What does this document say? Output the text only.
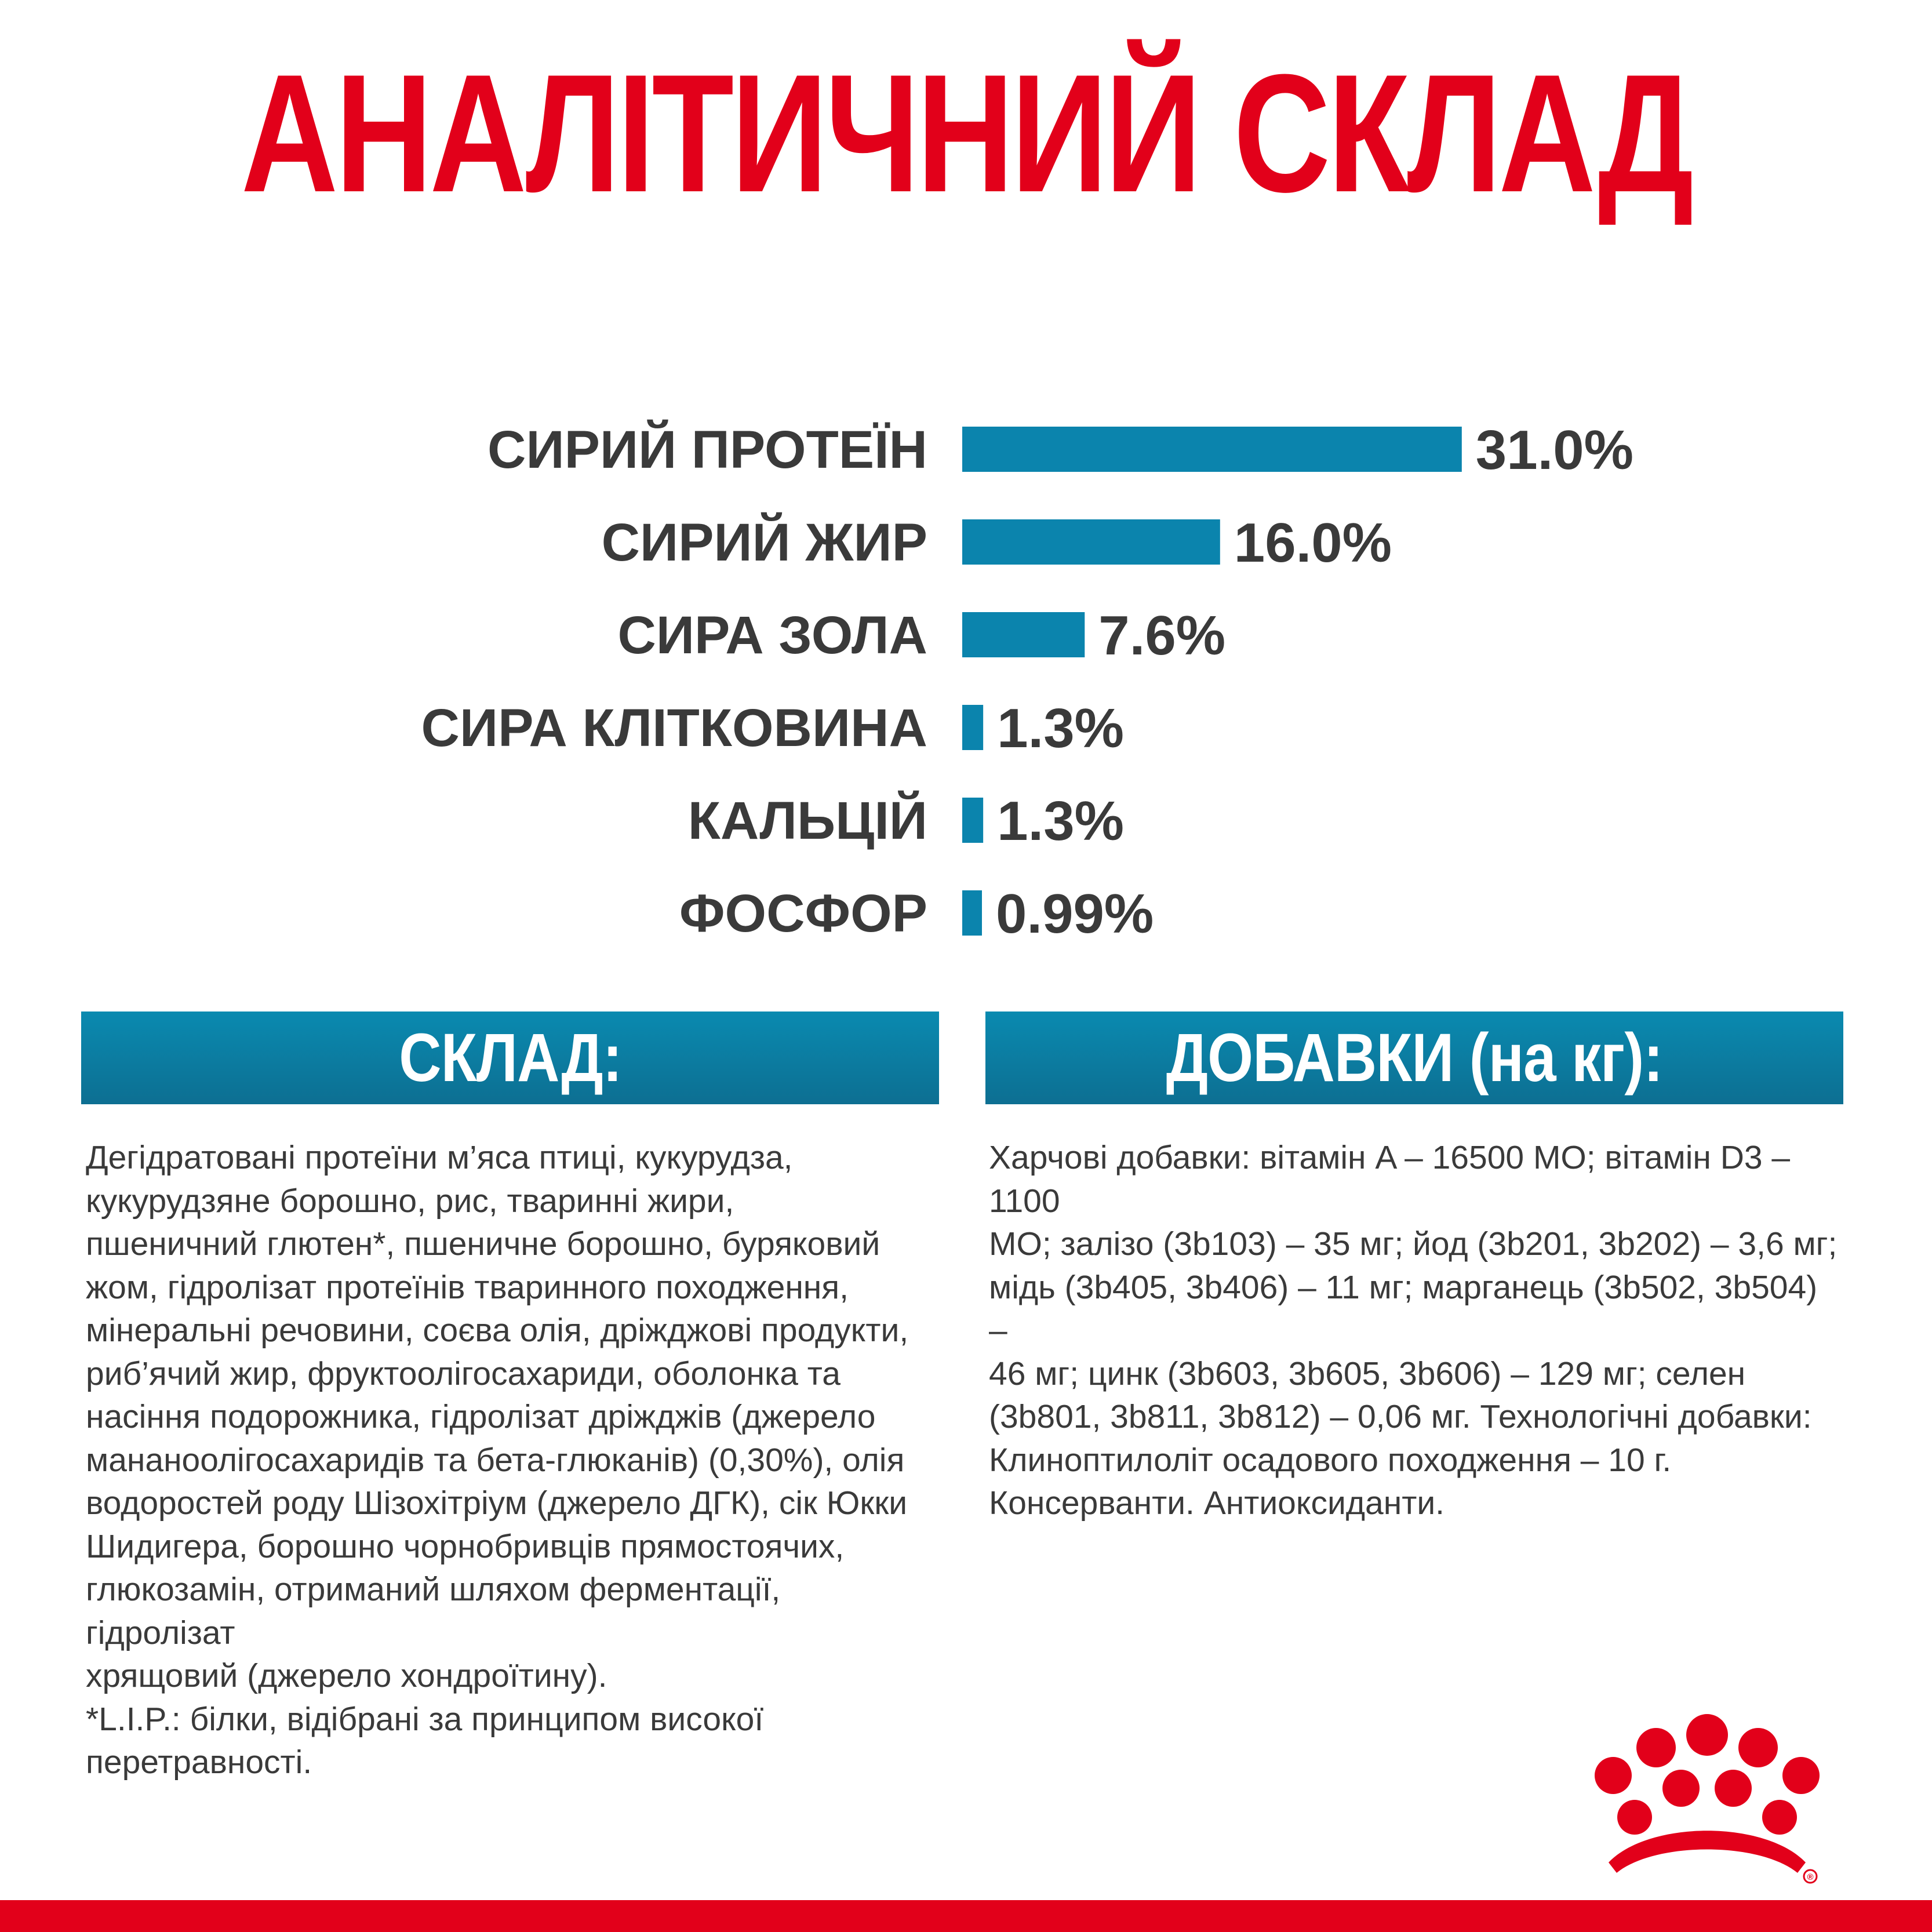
АНАЛІТИЧНИЙ СКЛАД
СИРИЙ ПРОТЕЇН	31.0%
СИРИЙ ЖИР	16.0%
СИРА ЗОЛА	7.6%
СИРА КЛІТКОВИНА 1.3%
КАЛЬЦІЙ 1.3%
ФОСФОР 0.99%
СКЛАД:	ДОБАВКИ (на кг):

Дегідратовані протеїни м’яса птиці, кукурудза,
кукурудзяне борошно, рис, тваринні жири,
пшеничний глютен*, пшеничне борошно, буряковий
жом, гідролізат протеїнів тваринного походження,
мінеральні речовини, соєва олія, дріжджові продукти,
риб’ячий жир, фруктоолігосахариди, оболонка та
насіння подорожника, гідролізат дріжджів (джерело
мананоолігосахаридів та бета-глюканів) (0,30%), олія
водоростей роду Шізохітріум (джерело ДГК), сік Юкки
Шидигера, борошно чорнобривців прямостоячих,
глюкозамін, отриманий шляхом ферментації, гідролізат
хрящовий (джерело хондроїтину).
*L.I.P.: білки, відібрані за принципом високої
перетравності.

Харчові добавки: вітамін A – 16500 МО; вітамін D3 – 1100
МО; залізо (3b103) – 35 мг; йод (3b201, 3b202) – 3,6 мг;
мідь (3b405, 3b406) – 11 мг; марганець (3b502, 3b504) –
46 мг; цинк (3b603, 3b605, 3b606) – 129 мг; селен
(3b801, 3b811, 3b812) – 0,06 мг. Технологічні добавки:
Клиноптилоліт осадового походження – 10 г.
Консерванти. Антиоксиданти.

®
